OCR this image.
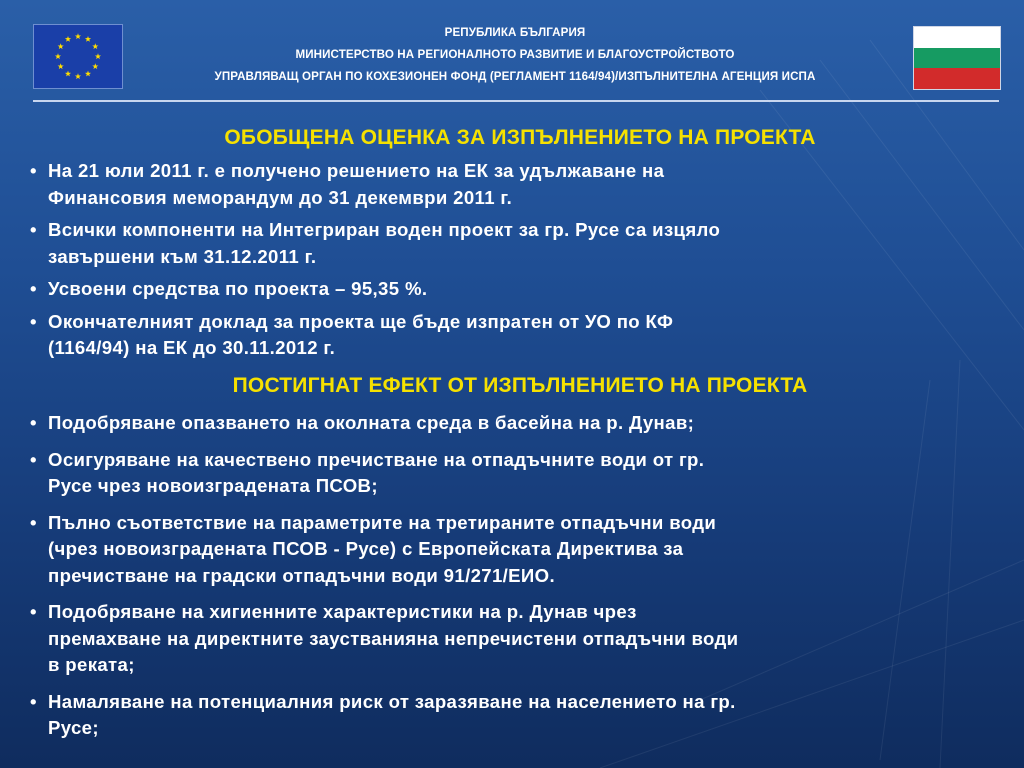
РЕПУБЛИКА БЪЛГАРИЯ
МИНИСТЕРСТВО НА РЕГИОНАЛНОТО РАЗВИТИЕ И БЛАГОУСТРОЙСТВОТО
УПРАВЛЯВАЩ ОРГАН ПО КОХЕЗИОНЕН ФОНД (РЕГЛАМЕНТ 1164/94)/ИЗПЪЛНИТЕЛНА АГЕНЦИЯ ИСПА
ОБОБЩЕНА ОЦЕНКА ЗА ИЗПЪЛНЕНИЕТО НА ПРОЕКТА
• На 21 юли 2011 г. е получено решението на ЕК за удължаване на
Финансовия меморандум до 31 декември 2011 г.
• Всички компоненти на Интегриран воден проект за гр. Русе са изцяло
завършени към 31.12.2011 г.
• Усвоени средства по проекта – 95,35 %.
• Окончателният доклад за проекта ще бъде изпратен от УО по КФ
(1164/94) на ЕК до 30.11.2012 г.
ПОСТИГНАТ ЕФЕКТ ОТ ИЗПЪЛНЕНИЕТО НА ПРОЕКТА
• Подобряване опазването на околната среда в басейна на р. Дунав;
• Осигуряване на качествено пречистване на отпадъчните води от гр.
Русе чрез новоизградената ПСОВ;
• Пълно съответствие на параметрите на третираните отпадъчни води
(чрез новоизградената ПСОВ - Русе) с Европейската Директива за
пречистване на градски отпадъчни води 91/271/ЕИО.
• Подобряване на хигиенните характеристики на р. Дунав чрез
премахване на директните заустванияна непречистени отпадъчни води
в реката;
• Намаляване на потенциалния риск от заразяване на населението на гр.
Русе;
